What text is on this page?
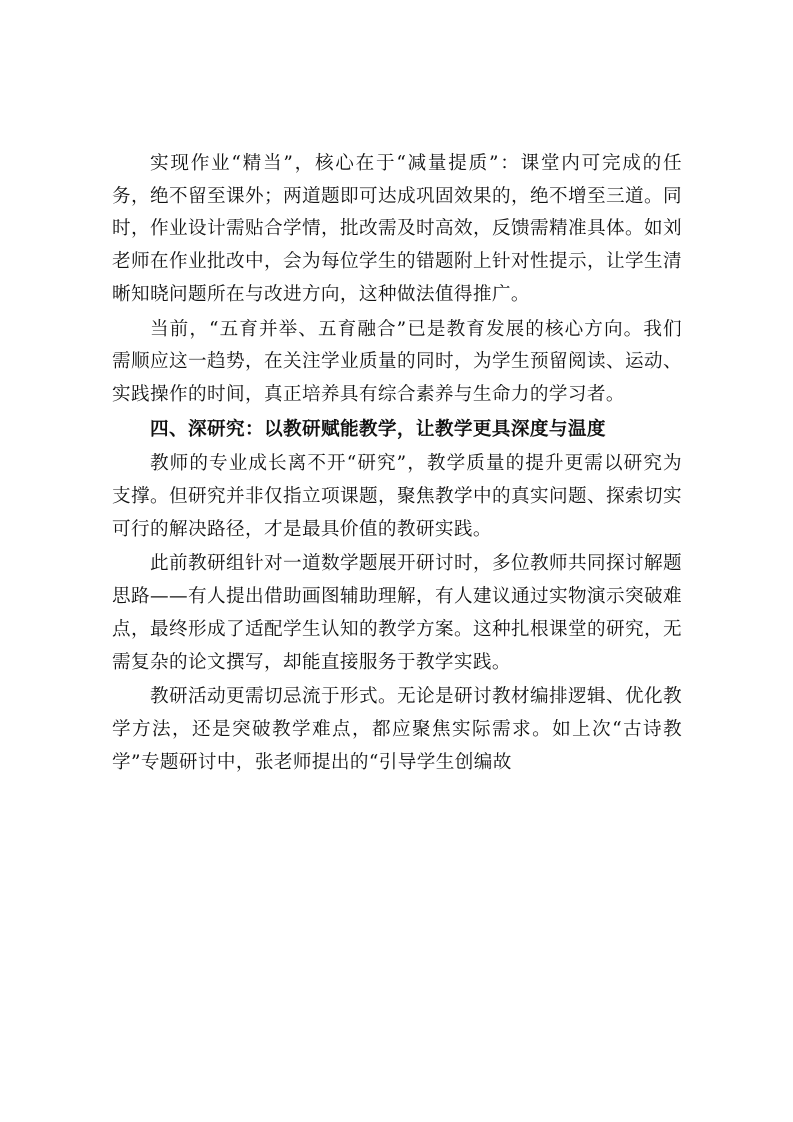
实现作业“精当”，核心在于“减量提质”：课堂内可完成的任务，绝不留至课外；两道题即可达成巩固效果的，绝不增至三道。同时，作业设计需贴合学情，批改需及时高效，反馈需精准具体。如刘老师在作业批改中，会为每位学生的错题附上针对性提示，让学生清晰知晓问题所在与改进方向，这种做法值得推广。

当前，“五育并举、五育融合”已是教育发展的核心方向。我们需顺应这一趋势，在关注学业质量的同时，为学生预留阅读、运动、实践操作的时间，真正培养具有综合素养与生命力的学习者。

四、深研究：以教研赋能教学，让教学更具深度与温度

教师的专业成长离不开“研究”，教学质量的提升更需以研究为支撑。但研究并非仅指立项课题，聚焦教学中的真实问题、探索切实可行的解决路径，才是最具价值的教研实践。

此前教研组针对一道数学题展开研讨时，多位教师共同探讨解题思路——有人提出借助画图辅助理解，有人建议通过实物演示突破难点，最终形成了适配学生认知的教学方案。这种扎根课堂的研究，无需复杂的论文撰写，却能直接服务于教学实践。

教研活动更需切忌流于形式。无论是研讨教材编排逻辑、优化教学方法，还是突破教学难点，都应聚焦实际需求。如上次“古诗教学”专题研讨中，张老师提出的“引导学生创编故
